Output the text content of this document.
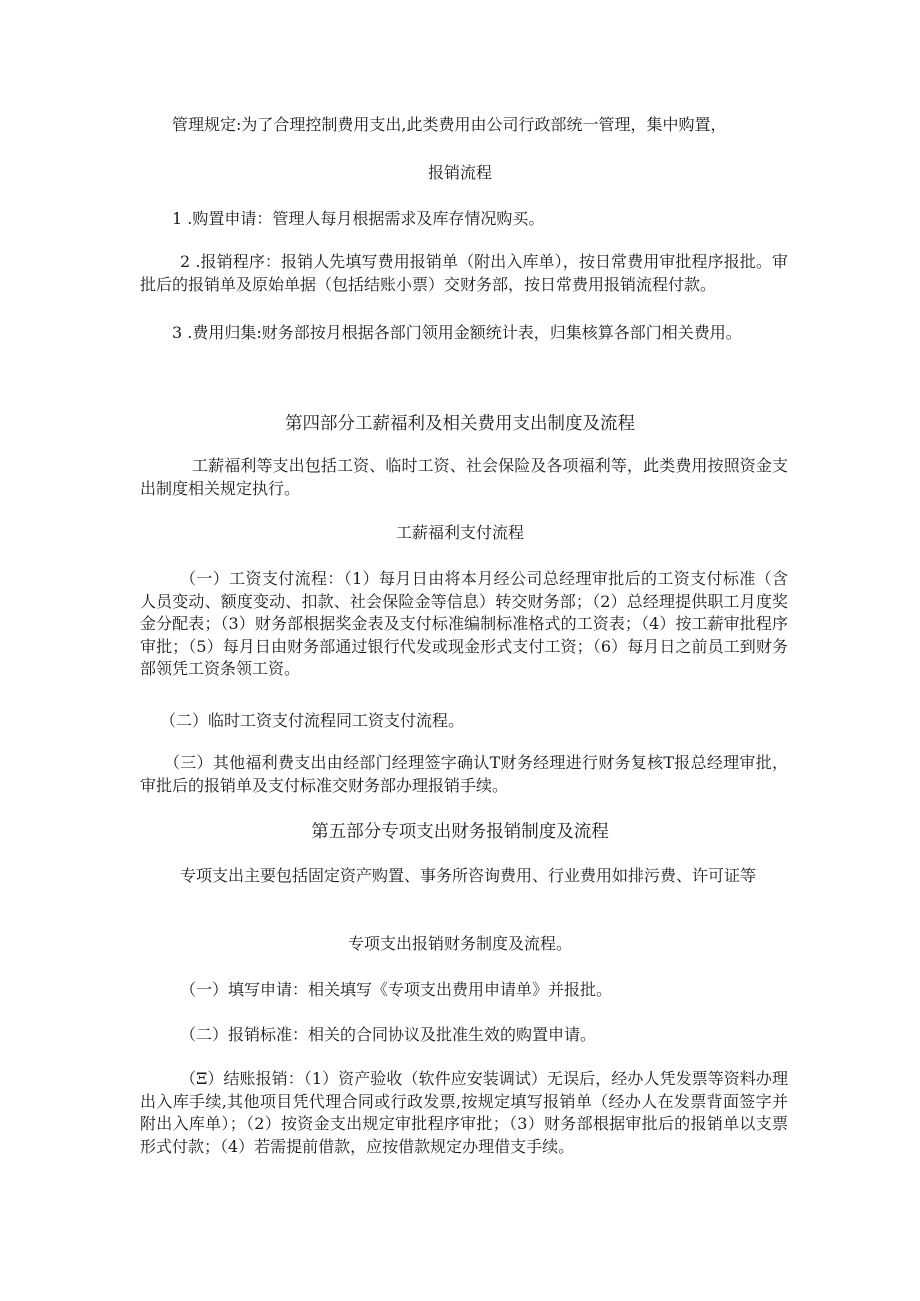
管理规定:为了合理控制费用支出,此类费用由公司行政部统一管理，集中购置，

报销流程

1 .购置申请：管理人每月根据需求及库存情况购买。

2 .报销程序：报销人先填写费用报销单（附出入库单），按日常费用审批程序报批。审批后的报销单及原始单据（包括结账小票）交财务部，按日常费用报销流程付款。

3 .费用归集:财务部按月根据各部门领用金额统计表，归集核算各部门相关费用。

第四部分工薪福利及相关费用支出制度及流程

工薪福利等支出包括工资、临时工资、社会保险及各项福利等，此类费用按照资金支出制度相关规定执行。

工薪福利支付流程

（一）工资支付流程：（1）每月日由将本月经公司总经理审批后的工资支付标准（含人员变动、额度变动、扣款、社会保险金等信息）转交财务部；（2）总经理提供职工月度奖金分配表；（3）财务部根据奖金表及支付标准编制标准格式的工资表；（4）按工薪审批程序审批；（5）每月日由财务部通过银行代发或现金形式支付工资；（6）每月日之前员工到财务部领凭工资条领工资。

（二）临时工资支付流程同工资支付流程。

（三）其他福利费支出由经部门经理签字确认T财务经理进行财务复核T报总经理审批，审批后的报销单及支付标准交财务部办理报销手续。

第五部分专项支出财务报销制度及流程

专项支出主要包括固定资产购置、事务所咨询费用、行业费用如排污费、许可证等

专项支出报销财务制度及流程。

（一）填写申请：相关填写《专项支出费用申请单》并报批。

（二）报销标准：相关的合同协议及批准生效的购置申请。

（Ξ）结账报销：（1）资产验收（软件应安装调试）无误后，经办人凭发票等资料办理出入库手续,其他项目凭代理合同或行政发票,按规定填写报销单（经办人在发票背面签字并附出入库单）；（2）按资金支出规定审批程序审批；（3）财务部根据审批后的报销单以支票形式付款；（4）若需提前借款，应按借款规定办理借支手续。
